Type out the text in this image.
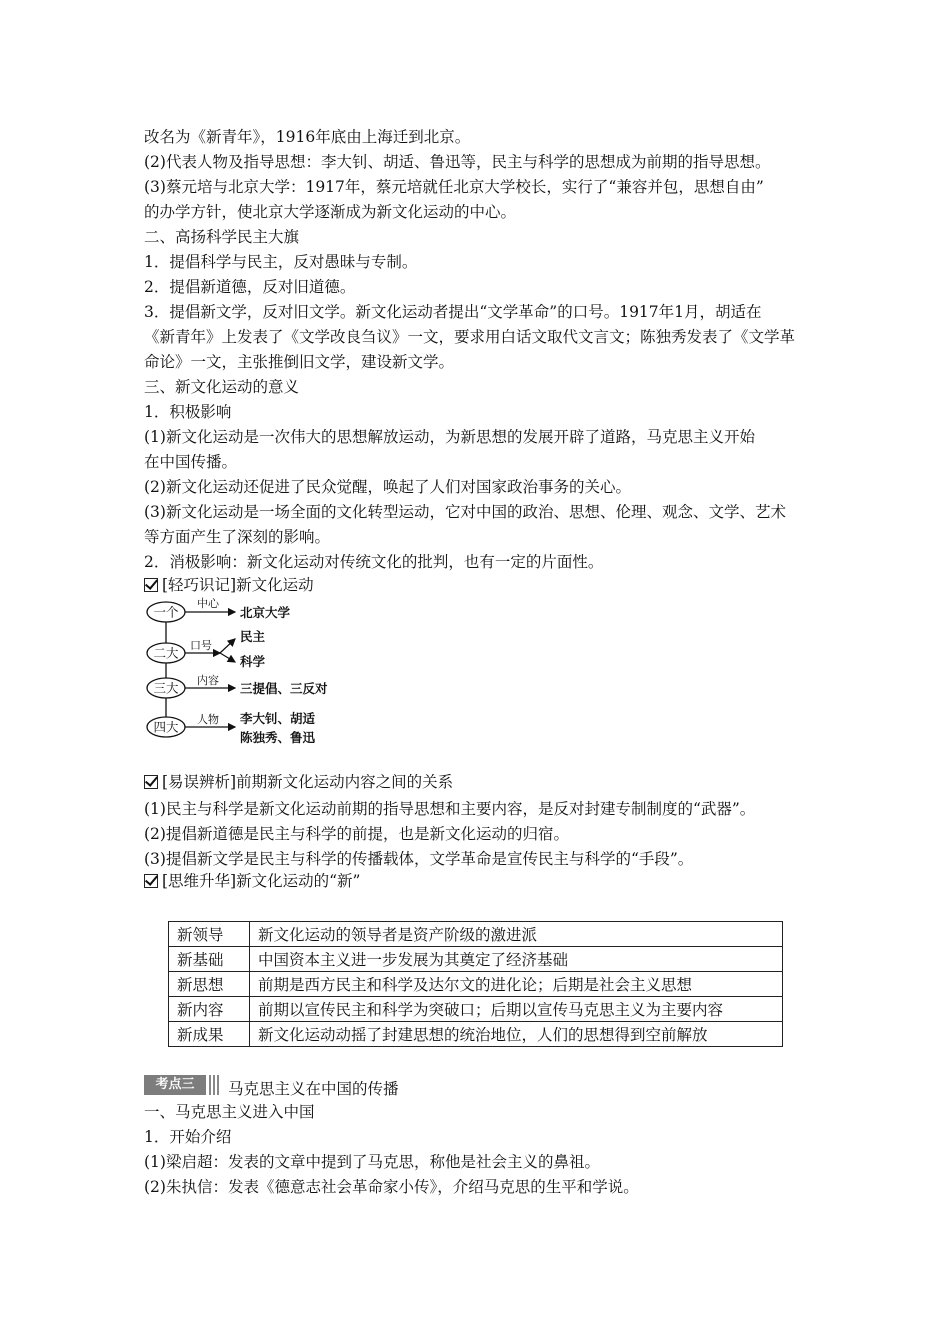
改名为《新青年》，1916年底由上海迁到北京。
(2)代表人物及指导思想：李大钊、胡适、鲁迅等，民主与科学的思想成为前期的指导思想。
(3)蔡元培与北京大学：1917年，蔡元培就任北京大学校长，实行了“兼容并包，思想自由”
的办学方针，使北京大学逐渐成为新文化运动的中心。
二、高扬科学民主大旗
1．提倡科学与民主，反对愚昧与专制。
2．提倡新道德，反对旧道德。
3．提倡新文学，反对旧文学。新文化运动者提出“文学革命”的口号。1917年1月，胡适在
《新青年》上发表了《文学改良刍议》一文，要求用白话文取代文言文；陈独秀发表了《文学革
命论》一文，主张推倒旧文学，建设新文学。
三、新文化运动的意义
1．积极影响
(1)新文化运动是一次伟大的思想解放运动，为新思想的发展开辟了道路，马克思主义开始
在中国传播。
(2)新文化运动还促进了民众觉醒，唤起了人们对国家政治事务的关心。
(3)新文化运动是一场全面的文化转型运动，它对中国的政治、思想、伦理、观念、文学、艺术
等方面产生了深刻的影响。
2．消极影响：新文化运动对传统文化的批判，也有一定的片面性。
[轻巧识记]新文化运动
一个
二大
三大
四大
中心
口号
内容
人物
北京大学
民主
科学
三提倡、三反对
李大钊、胡适
陈独秀、鲁迅
[易误辨析]前期新文化运动内容之间的关系
(1)民主与科学是新文化运动前期的指导思想和主要内容，是反对封建专制制度的“武器”。
(2)提倡新道德是民主与科学的前提，也是新文化运动的归宿。
(3)提倡新文学是民主与科学的传播载体，文学革命是宣传民主与科学的“手段”。
[思维升华]新文化运动的“新”
新领导	新文化运动的领导者是资产阶级的激进派
新基础	中国资本主义进一步发展为其奠定了经济基础
新思想	前期是西方民主和科学及达尔文的进化论；后期是社会主义思想
新内容	前期以宣传民主和科学为突破口；后期以宣传马克思主义为主要内容
新成果	新文化运动动摇了封建思想的统治地位，人们的思想得到空前解放
考点三	马克思主义在中国的传播
一、马克思主义进入中国
1．开始介绍
(1)梁启超：发表的文章中提到了马克思，称他是社会主义的鼻祖。
(2)朱执信：发表《德意志社会革命家小传》，介绍马克思的生平和学说。
